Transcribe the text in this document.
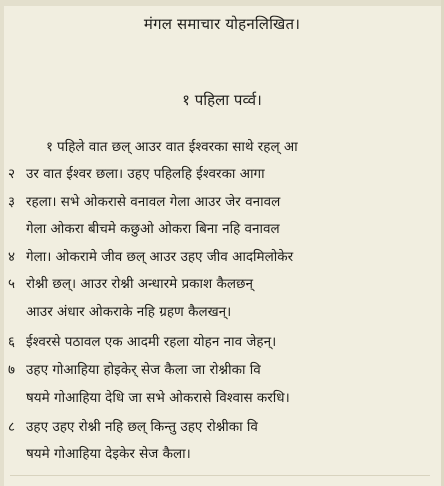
मंगल समाचार योहनलिखित।
१ पहिला पर्व्व।
१ पहिले वात छल् आउर वात ईश्वरका साथे रहल् आ
२ उर वात ईश्वर छला। उहए पहिलहि ईश्वरका आगा
३ रहला। सभे ओकरासे वनावल गेला आउर जेर वनावल
गेला ओकरा बीचमे कछुओ ओकरा बिना नहि वनावल
४ गेला। ओकरामे जीव छल् आउर उहए जीव आदमिलोकेर
५ रोश्नी छल्। आउर रोश्नी अन्धारमे प्रकाश कैलछन्
आउर अंधार ओकराके नहि ग्रहण कैलखन्।
६ ईश्वरसे पठावल एक आदमी रहला योहन नाव जेहन्।
७ उहए गोआहिया होइकेर् सेज कैला जा रोश्नीका वि
षयमे गोआहिया देधि जा सभे ओकरासे विश्वास करधि।
८ उहए उहए रोश्नी नहि छल् किन्तु उहए रोश्नीका वि
षयमे गोआहिया देइकेर सेज कैला।
